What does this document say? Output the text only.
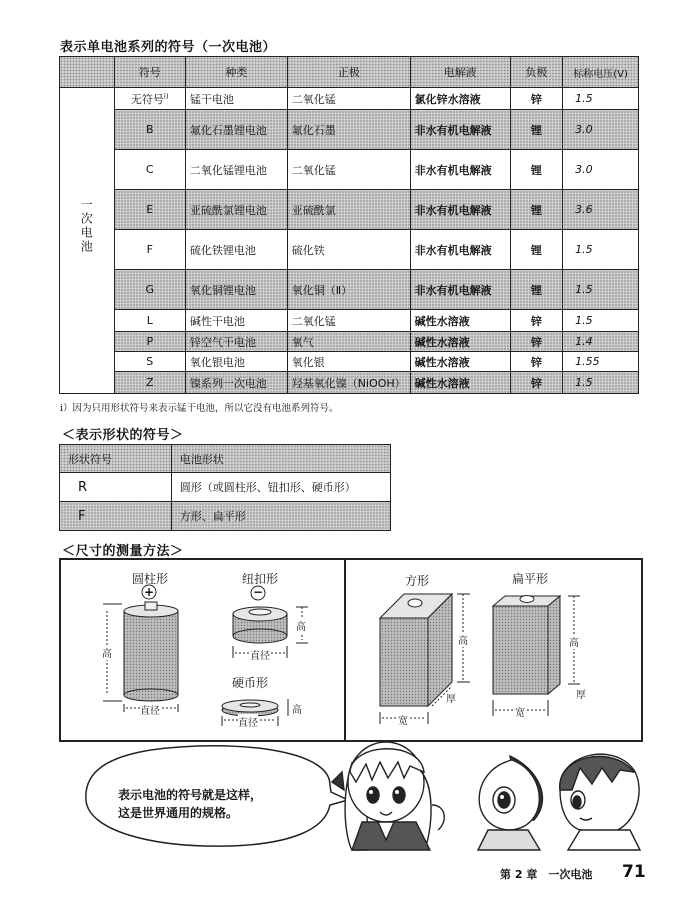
表示单电池系列的符号（一次电池）
	符号	种类	正极	电解液	负极	标称电压(V)

一次电池	无符号$^{i)}$	锰干电池	二氧化锰	氯化锌水溶液	锌	1.5
	B	氟化石墨锂电池	氟化石墨	非水有机电解液	锂	3.0
	C	二氧化锰锂电池	二氧化锰	非水有机电解液	锂	3.0
	E	亚硫酰氯锂电池	亚硫酰氯	非水有机电解液	锂	3.6
	F	硫化铁锂电池	硫化铁	非水有机电解液	锂	1.5
	G	氧化铜锂电池	氧化铜（Ⅱ）	非水有机电解液	锂	1.5
	L	碱性干电池	二氧化锰	碱性水溶液	锌	1.5
	P	锌空气干电池	氧气	碱性水溶液	锌	1.4
	S	氧化银电池	氧化银	碱性水溶液	锌	1.55
	Z	镍系列一次电池	羟基氧化镍（NiOOH）	碱性水溶液	锌	1.5
i）因为只用形状符号来表示锰干电池，所以它没有电池系列符号。
＜表示形状的符号＞
形状符号	电池形状
R	圆形（或圆柱形、钮扣形、硬币形）
F	方形、扁平形
＜尺寸的测量方法＞
圆柱形
+
纽扣形
−
硬币形
方形	扁平形
高
直径
高
直径
高
直径
高
厚
宽
高
厚
宽
表示电池的符号就是这样，
这是世界通用的规格。
第 2 章　一次电池 71
